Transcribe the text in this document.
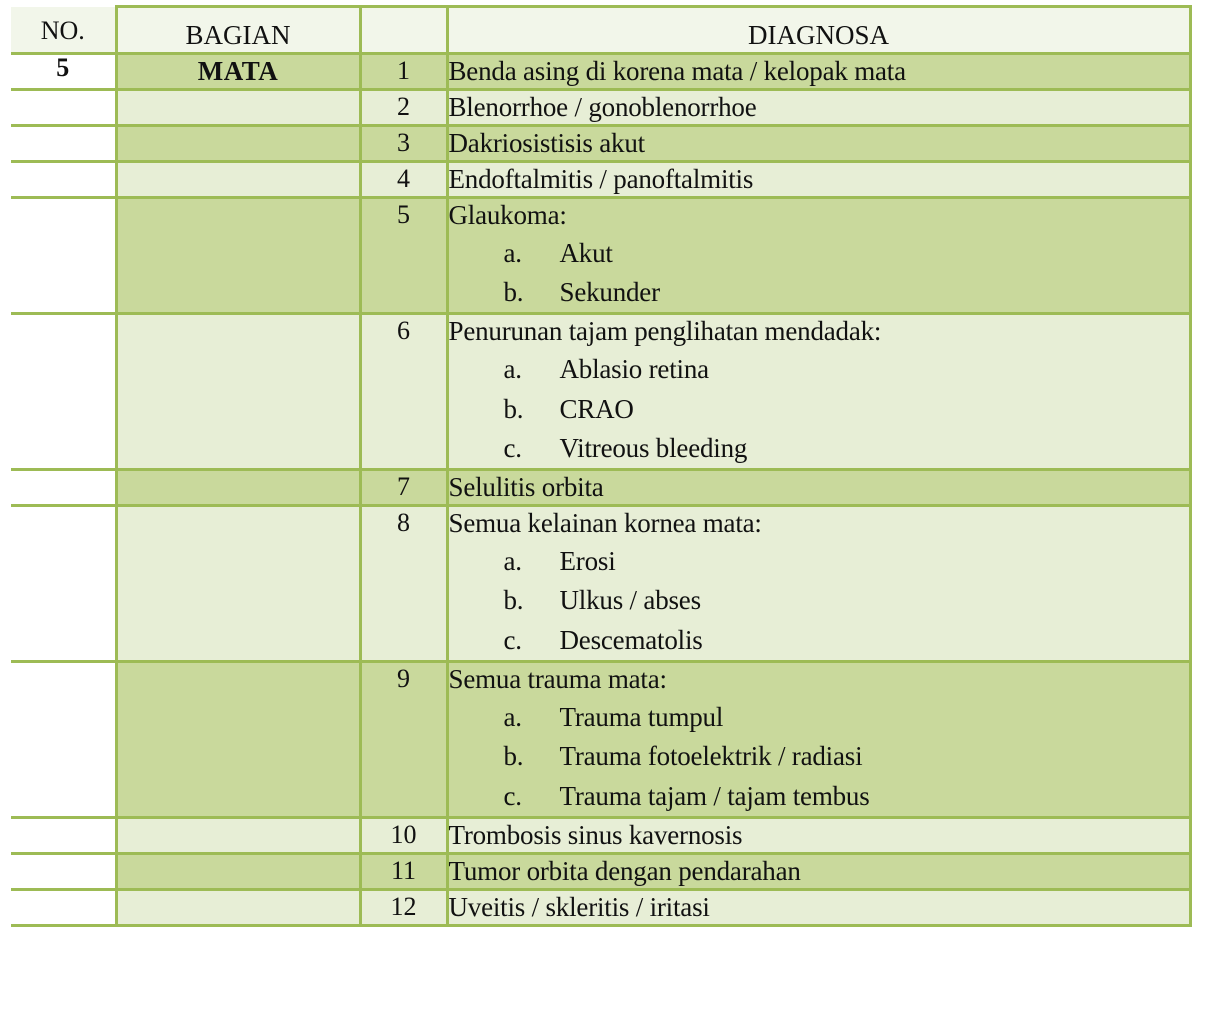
NO.	BAGIAN		DIAGNOSA
5	MATA	1	Benda asing di korena mata / kelopak mata

		2	Blenorrhoe / gonoblenorrhoe

		3	Dakriosistisis akut

		4	Endoftalmitis / panoftalmitis

		5	Glaukoma:
a. Akut
b. Sekunder

		6	Penurunan tajam penglihatan mendadak:
a. Ablasio retina
b. CRAO
c. Vitreous bleeding

		7	Selulitis orbita

		8	Semua kelainan kornea mata:
a. Erosi
b. Ulkus / abses
c. Descematolis

		9	Semua trauma mata:
a. Trauma tumpul
b. Trauma fotoelektrik / radiasi
c. Trauma tajam / tajam tembus

		10	Trombosis sinus kavernosis

		11	Tumor orbita dengan pendarahan

		12	Uveitis / skleritis / iritasi
